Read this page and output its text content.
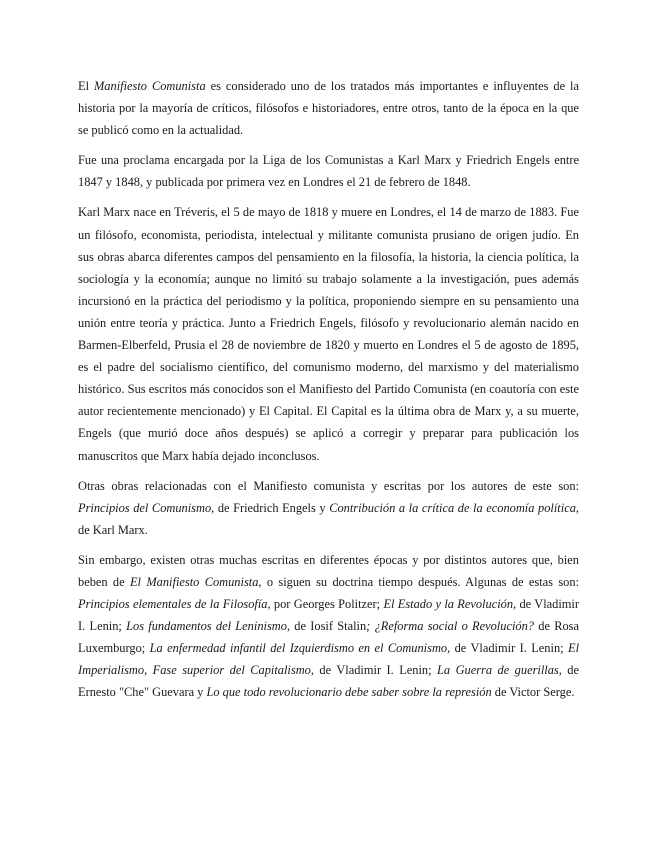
El Manifiesto Comunista es considerado uno de los tratados más importantes e influyentes de la historia por la mayoría de críticos, filósofos e historiadores, entre otros, tanto de la época en la que se publicó como en la actualidad.

Fue una proclama encargada por la Liga de los Comunistas a Karl Marx y Friedrich Engels entre 1847 y 1848, y publicada por primera vez en Londres el 21 de febrero de 1848.

Karl Marx nace en Tréveris, el 5 de mayo de 1818 y muere en Londres, el 14 de marzo de 1883. Fue un filósofo, economista, periodista, intelectual y militante comunista prusiano de origen judío. En sus obras abarca diferentes campos del pensamiento en la filosofía, la historia, la ciencia política, la sociología y la economía; aunque no limitó su trabajo solamente a la investigación, pues además incursionó en la práctica del periodismo y la política, proponiendo siempre en su pensamiento una unión entre teoría y práctica. Junto a Friedrich Engels, filósofo y revolucionario alemán nacido en Barmen-Elberfeld, Prusia el 28 de noviembre de 1820 y muerto en Londres el 5 de agosto de 1895, es el padre del socialismo científico, del comunismo moderno, del marxismo y del materialismo histórico. Sus escritos más conocidos son el Manifiesto del Partido Comunista (en coautoría con este autor recientemente mencionado) y El Capital. El Capital es la última obra de Marx y, a su muerte, Engels (que murió doce años después) se aplicó a corregir y preparar para publicación los manuscritos que Marx había dejado inconclusos.

Otras obras relacionadas con el Manifiesto comunista y escritas por los autores de este son: Principios del Comunismo, de Friedrich Engels y Contribución a la crítica de la economía política, de Karl Marx.

Sin embargo, existen otras muchas escritas en diferentes épocas y por distintos autores que, bien beben de El Manifiesto Comunista, o siguen su doctrina tiempo después. Algunas de estas son: Principios elementales de la Filosofía, por Georges Politzer; El Estado y la Revolución, de Vladimir I. Lenin; Los fundamentos del Leninismo, de Iosif Stalin; ¿Reforma social o Revolución? de Rosa Luxemburgo; La enfermedad infantil del Izquierdismo en el Comunismo, de Vladimir I. Lenin; El Imperialismo, Fase superior del Capitalismo, de Vladimir I. Lenin; La Guerra de guerillas, de Ernesto "Che" Guevara y Lo que todo revolucionario debe saber sobre la represión de Victor Serge.
